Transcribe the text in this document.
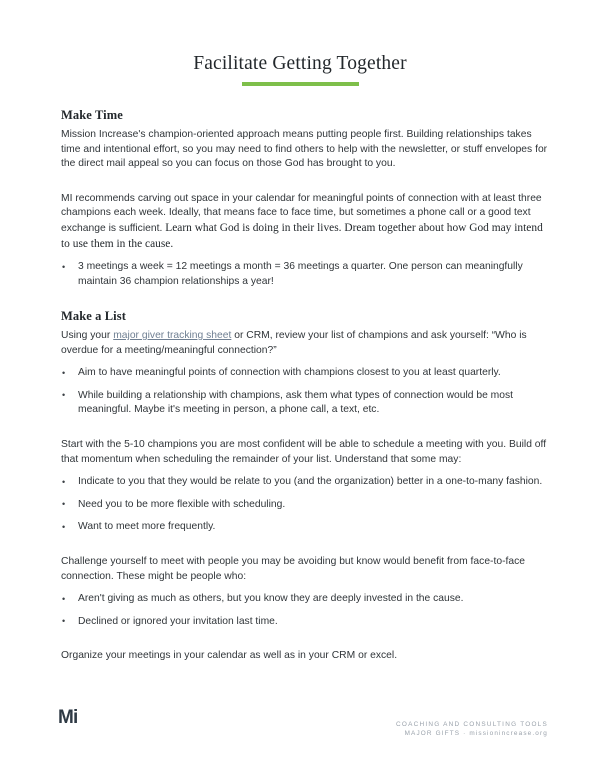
Facilitate Getting Together
Make Time

Mission Increase's champion-oriented approach means putting people first. Building relationships takes time and intentional effort, so you may need to find others to help with the newsletter, or stuff envelopes for the direct mail appeal so you can focus on those God has brought to you.

MI recommends carving out space in your calendar for meaningful points of connection with at least three champions each week. Ideally, that means face to face time, but sometimes a phone call or a good text exchange is sufficient. Learn what God is doing in their lives. Dream together about how God may intend to use them in the cause.

• 3 meetings a week = 12 meetings a month = 36 meetings a quarter. One person can meaningfully maintain 36 champion relationships a year!
Make a List

Using your major giver tracking sheet or CRM, review your list of champions and ask yourself: “Who is overdue for a meeting/meaningful connection?”

• Aim to have meaningful points of connection with champions closest to you at least quarterly.
• While building a relationship with champions, ask them what types of connection would be most meaningful. Maybe it's meeting in person, a phone call, a text, etc.

Start with the 5-10 champions you are most confident will be able to schedule a meeting with you. Build off that momentum when scheduling the remainder of your list. Understand that some may:

• Indicate to you that they would be relate to you (and the organization) better in a one-to-many fashion.
• Need you to be more flexible with scheduling.
• Want to meet more frequently.

Challenge yourself to meet with people you may be avoiding but know would benefit from face-to-face connection. These might be people who:

• Aren't giving as much as others, but you know they are deeply invested in the cause.
• Declined or ignored your invitation last time.

Organize your meetings in your calendar as well as in your CRM or excel.

Mi	COACHING AND CONSULTING TOOLS
MAJOR GIFTS · missionincrease.org
